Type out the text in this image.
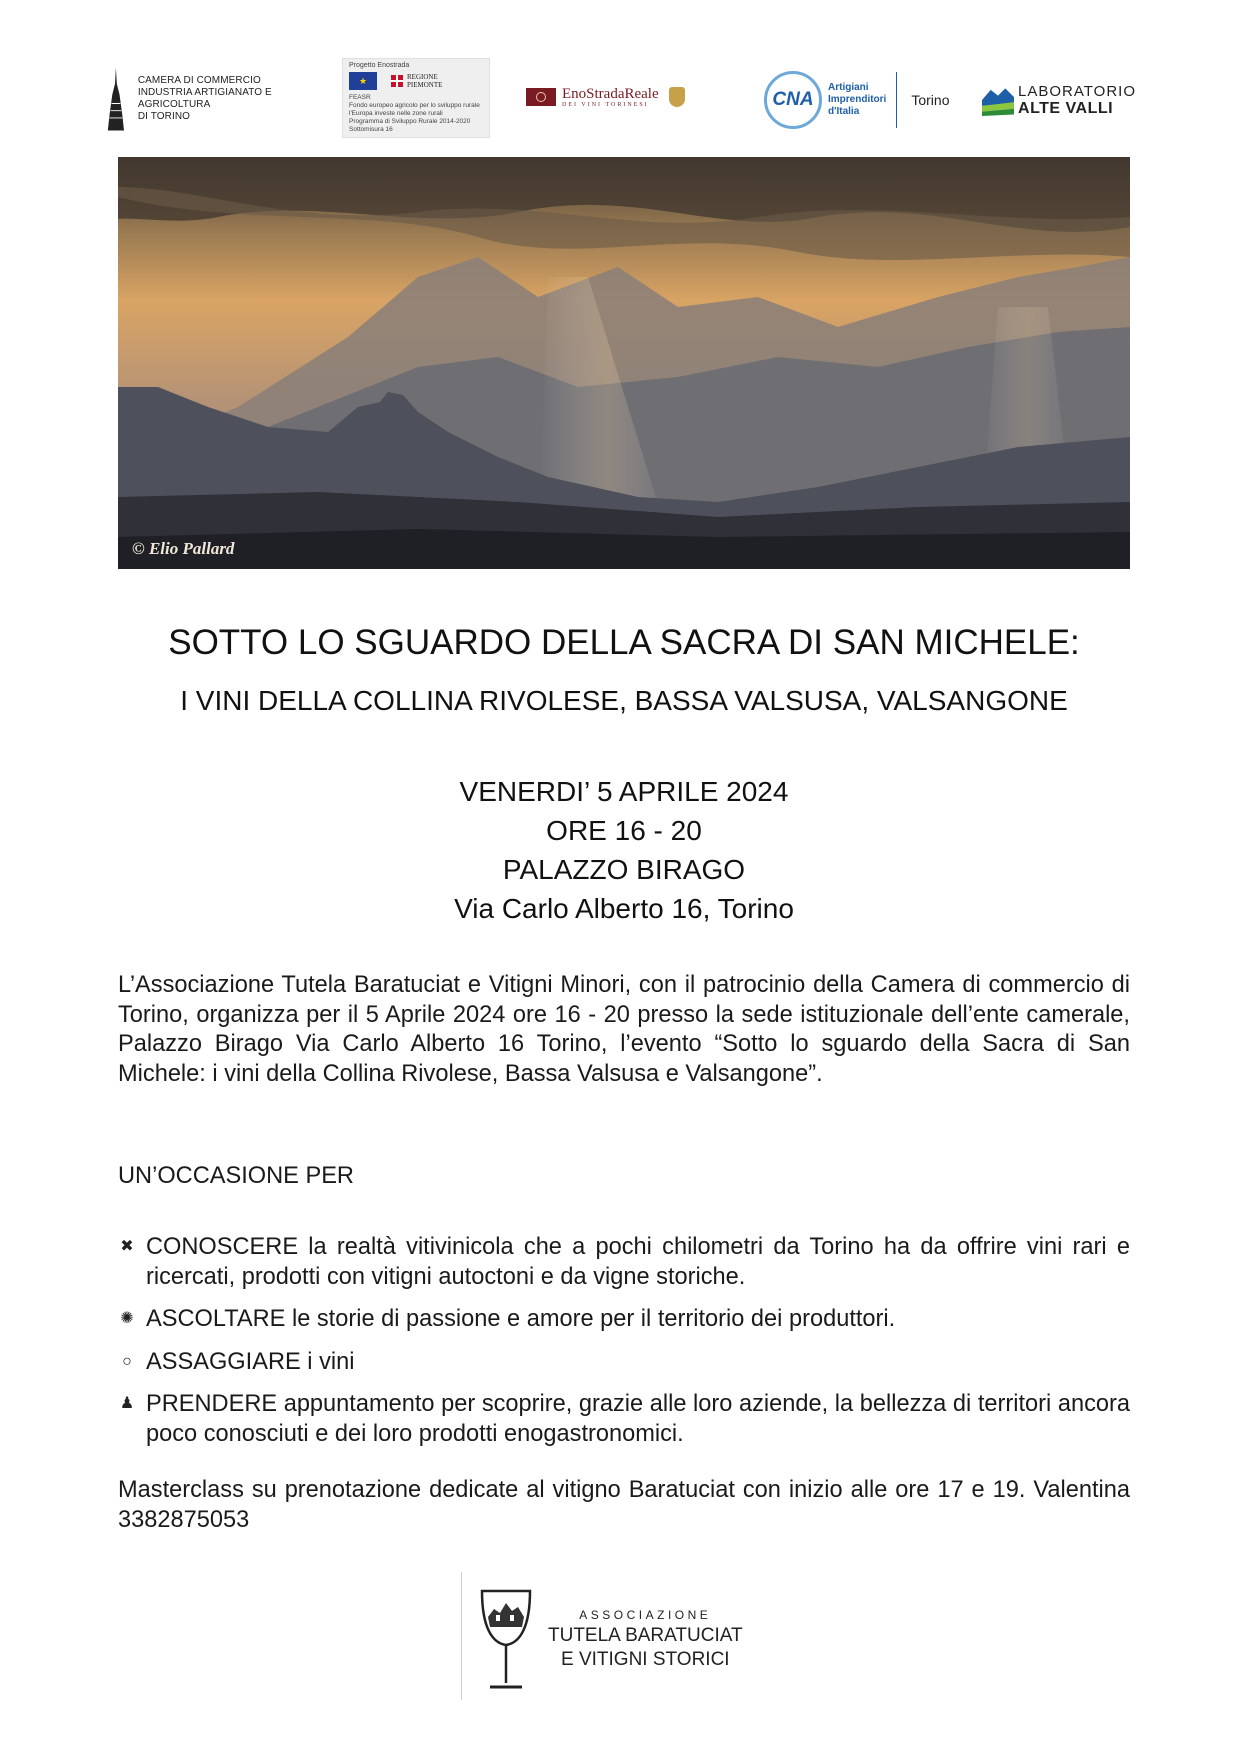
CAMERA DI COMMERCIO
INDUSTRIA ARTIGIANATO E AGRICOLTURA
DI TORINO
Progetto Enostrada
★	REGIONE
PIEMONTE
FEASR
Fondo europeo agricolo per lo sviluppo rurale
l'Europa investe nelle zone rurali
Programma di Sviluppo Rurale 2014-2020
Sottomisura 16
EnoStradaReale
DEI VINI TORINESI	CNA
Artigiani
Imprenditori
d'Italia
Torino
LABORATORIO
ALTE VALLI
© Elio Pallard
SOTTO LO SGUARDO DELLA SACRA DI SAN MICHELE:
I VINI DELLA COLLINA RIVOLESE, BASSA VALSUSA, VALSANGONE
VENERDI’ 5 APRILE 2024
ORE 16 - 20
PALAZZO BIRAGO
Via Carlo Alberto 16, Torino
L’Associazione Tutela Baratuciat e Vitigni Minori, con il patrocinio della Camera di commercio di Torino, organizza per il 5 Aprile 2024 ore 16 - 20 presso la sede istituzionale dell’ente camerale, Palazzo Birago Via Carlo Alberto 16 Torino, l’evento “Sotto lo sguardo della Sacra di San Michele: i vini della Collina Rivolese, Bassa Valsusa e Valsangone”.
UN’OCCASIONE PER
✖ CONOSCERE la realtà vitivinicola che a pochi chilometri da Torino ha da offrire vini rari e ricercati, prodotti con vitigni autoctoni e da vigne storiche.
✺ ASCOLTARE le storie di passione e amore per il territorio dei produttori.
○ ASSAGGIARE i vini
♟ PRENDERE appuntamento per scoprire, grazie alle loro aziende, la bellezza di territori ancora poco conosciuti e dei loro prodotti enogastronomici.
Masterclass su prenotazione dedicate al vitigno Baratuciat con inizio alle ore 17 e 19. Valentina 3382875053
ASSOCIAZIONE
TUTELA BARATUCIAT
E VITIGNI STORICI
